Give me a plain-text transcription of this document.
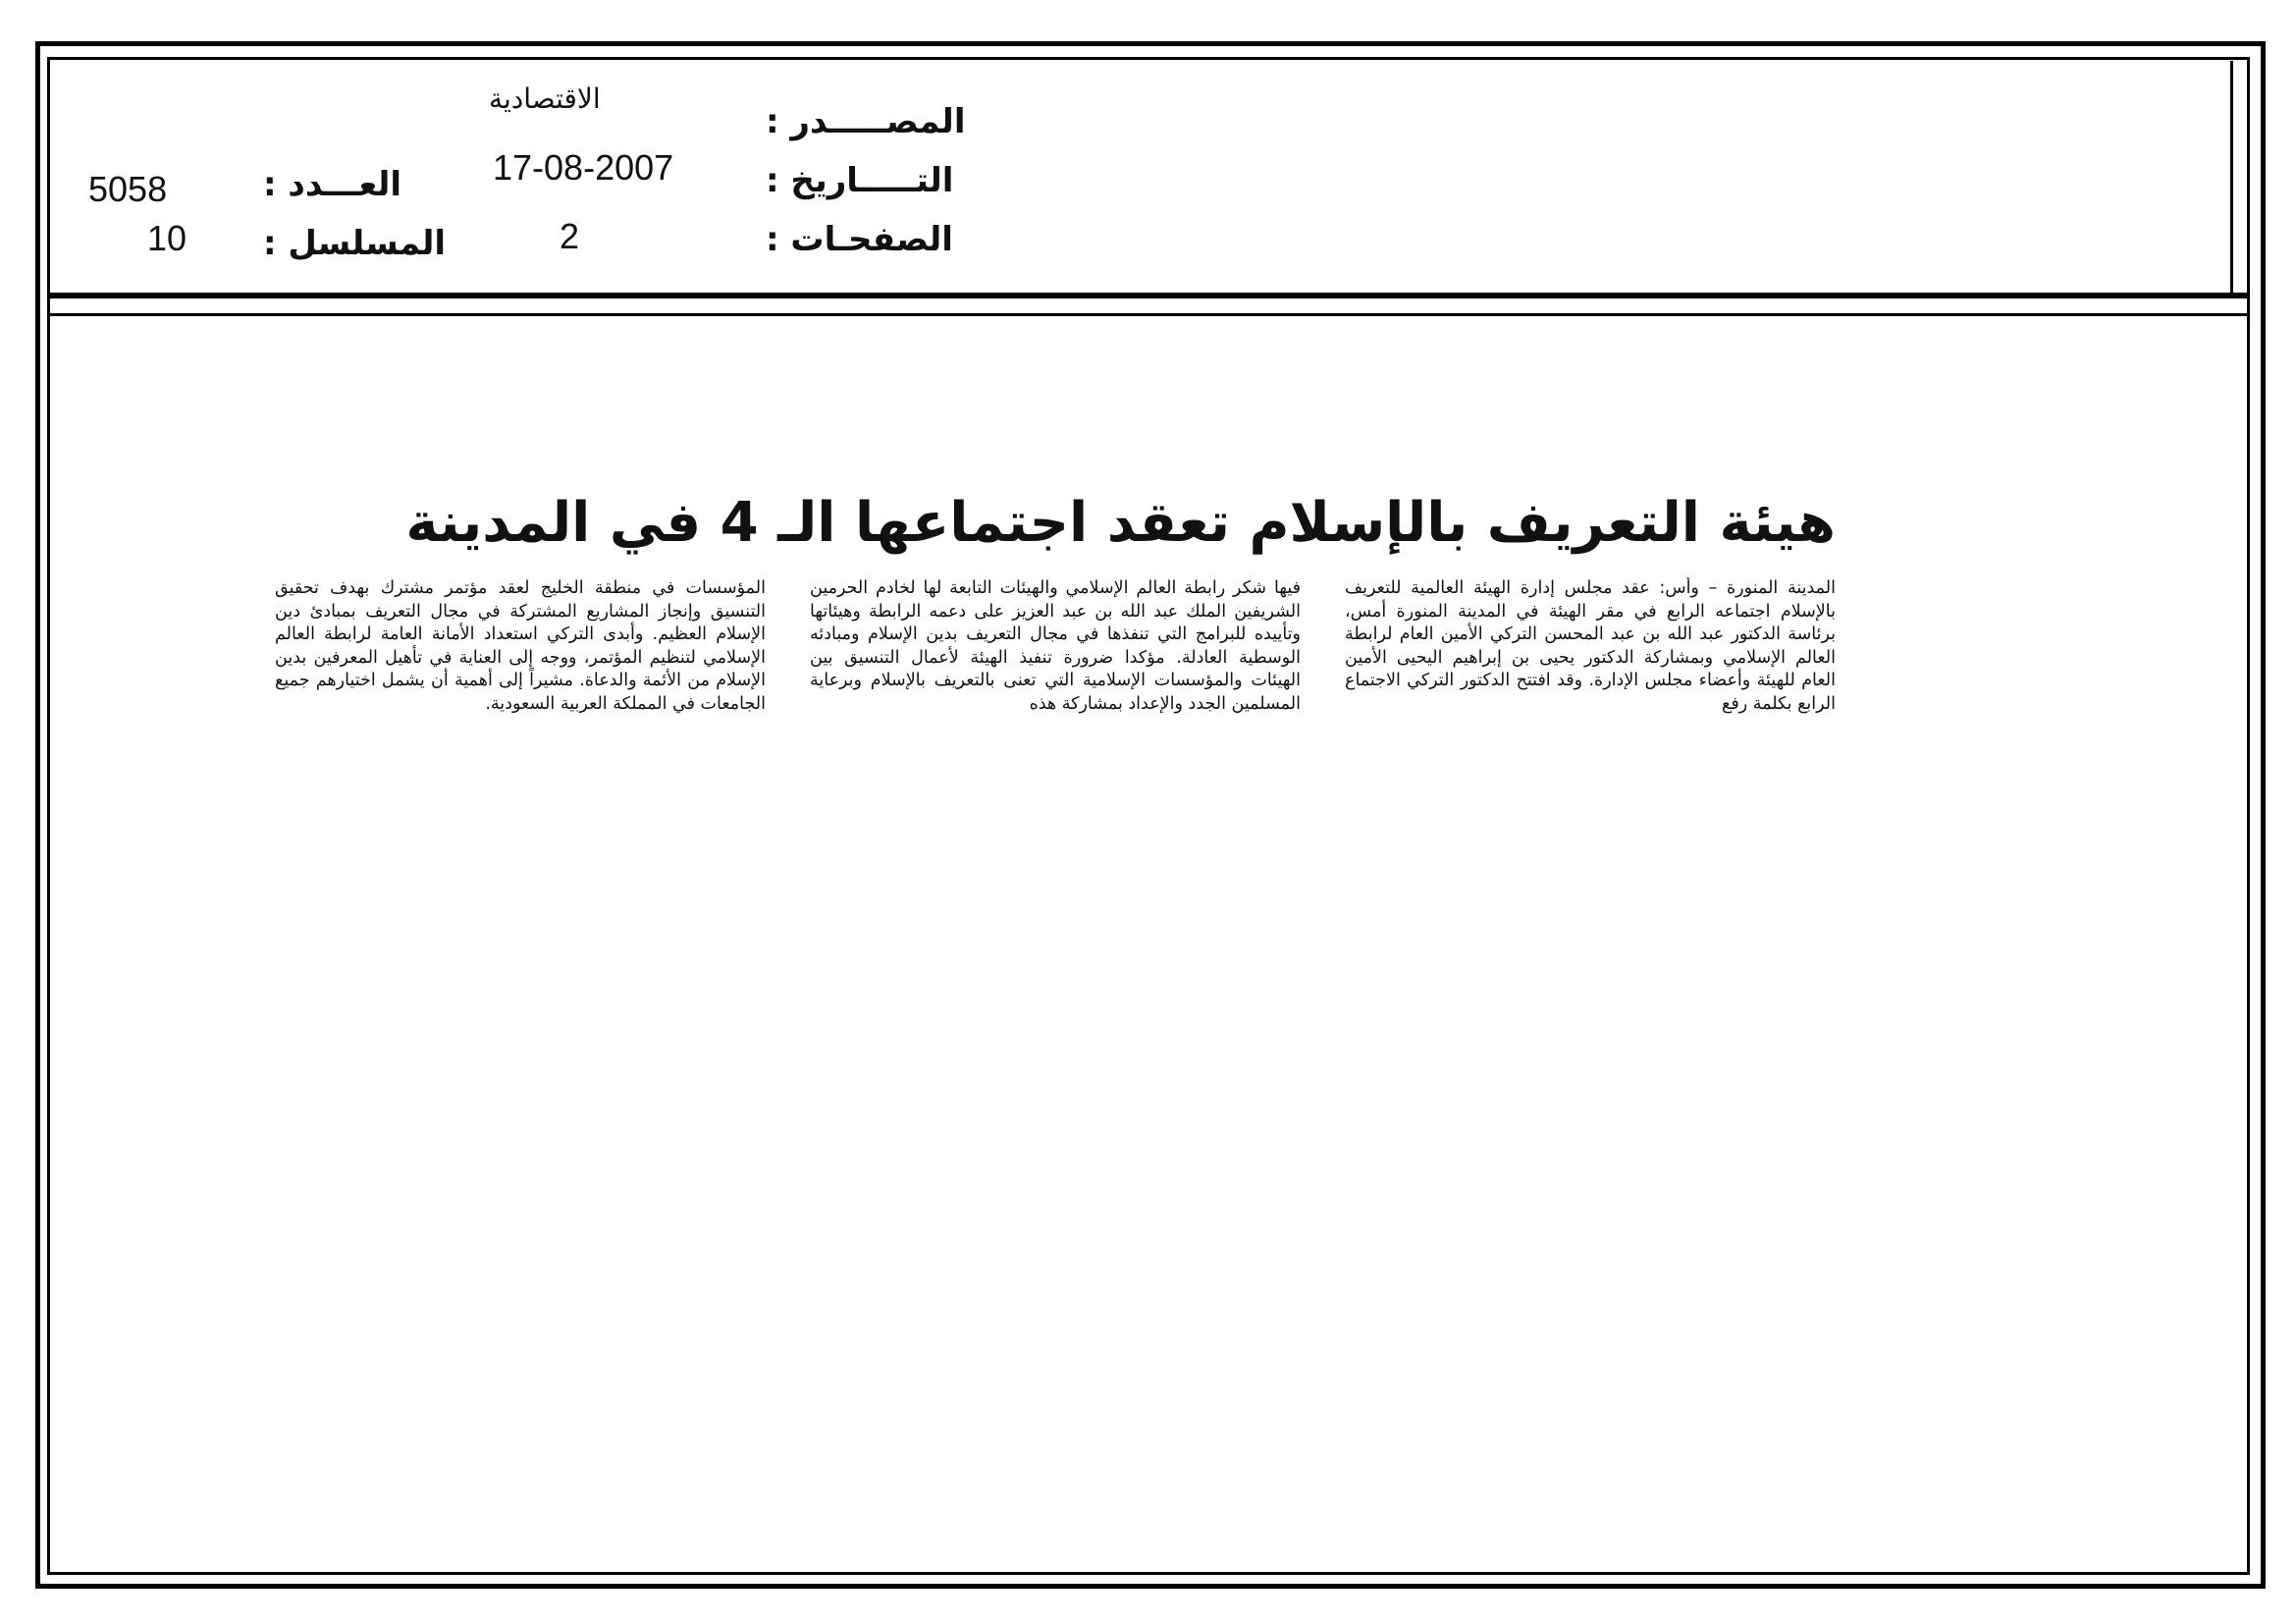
المصـــــدر :
الاقتصادية
التـــــاريخ :
17-08-2007
الصفحـات :
2
العـــدد :
5058
المسلسل :
10
هيئة التعريف بالإسلام تعقد اجتماعها الـ 4 في المدينة
المدينة المنورة – وأس: عقد مجلس إدارة الهيئة العالمية للتعريف بالإسلام اجتماعه الرابع في مقر الهيئة في المدينة المنورة أمس، برئاسة الدكتور عبد الله بن عبد المحسن التركي الأمين العام لرابطة العالم الإسلامي وبمشاركة الدكتور يحيى بن إبراهيم اليحيى الأمين العام للهيئة وأعضاء مجلس الإدارة. وقد افتتح الدكتور التركي الاجتماع الرابع بكلمة رفع
فيها شكر رابطة العالم الإسلامي والهيئات التابعة لها لخادم الحرمين الشريفين الملك عبد الله بن عبد العزيز على دعمه الرابطة وهيئاتها وتأييده للبرامج التي تنفذها في مجال التعريف بدين الإسلام ومبادئه الوسطية العادلة. مؤكدا ضرورة تنفيذ الهيئة لأعمال التنسيق بين الهيئات والمؤسسات الإسلامية التي تعنى بالتعريف بالإسلام وبرعاية المسلمين الجدد والإعداد بمشاركة هذه
المؤسسات في منطقة الخليج لعقد مؤتمر مشترك بهدف تحقيق التنسيق وإنجاز المشاريع المشتركة في مجال التعريف بمبادئ دين الإسلام العظيم. وأبدى التركي استعداد الأمانة العامة لرابطة العالم الإسلامي لتنظيم المؤتمر، ووجه إلى العناية في تأهيل المعرفين بدين الإسلام من الأئمة والدعاة. مشيراً إلى أهمية أن يشمل اختيارهم جميع الجامعات في المملكة العربية السعودية.
